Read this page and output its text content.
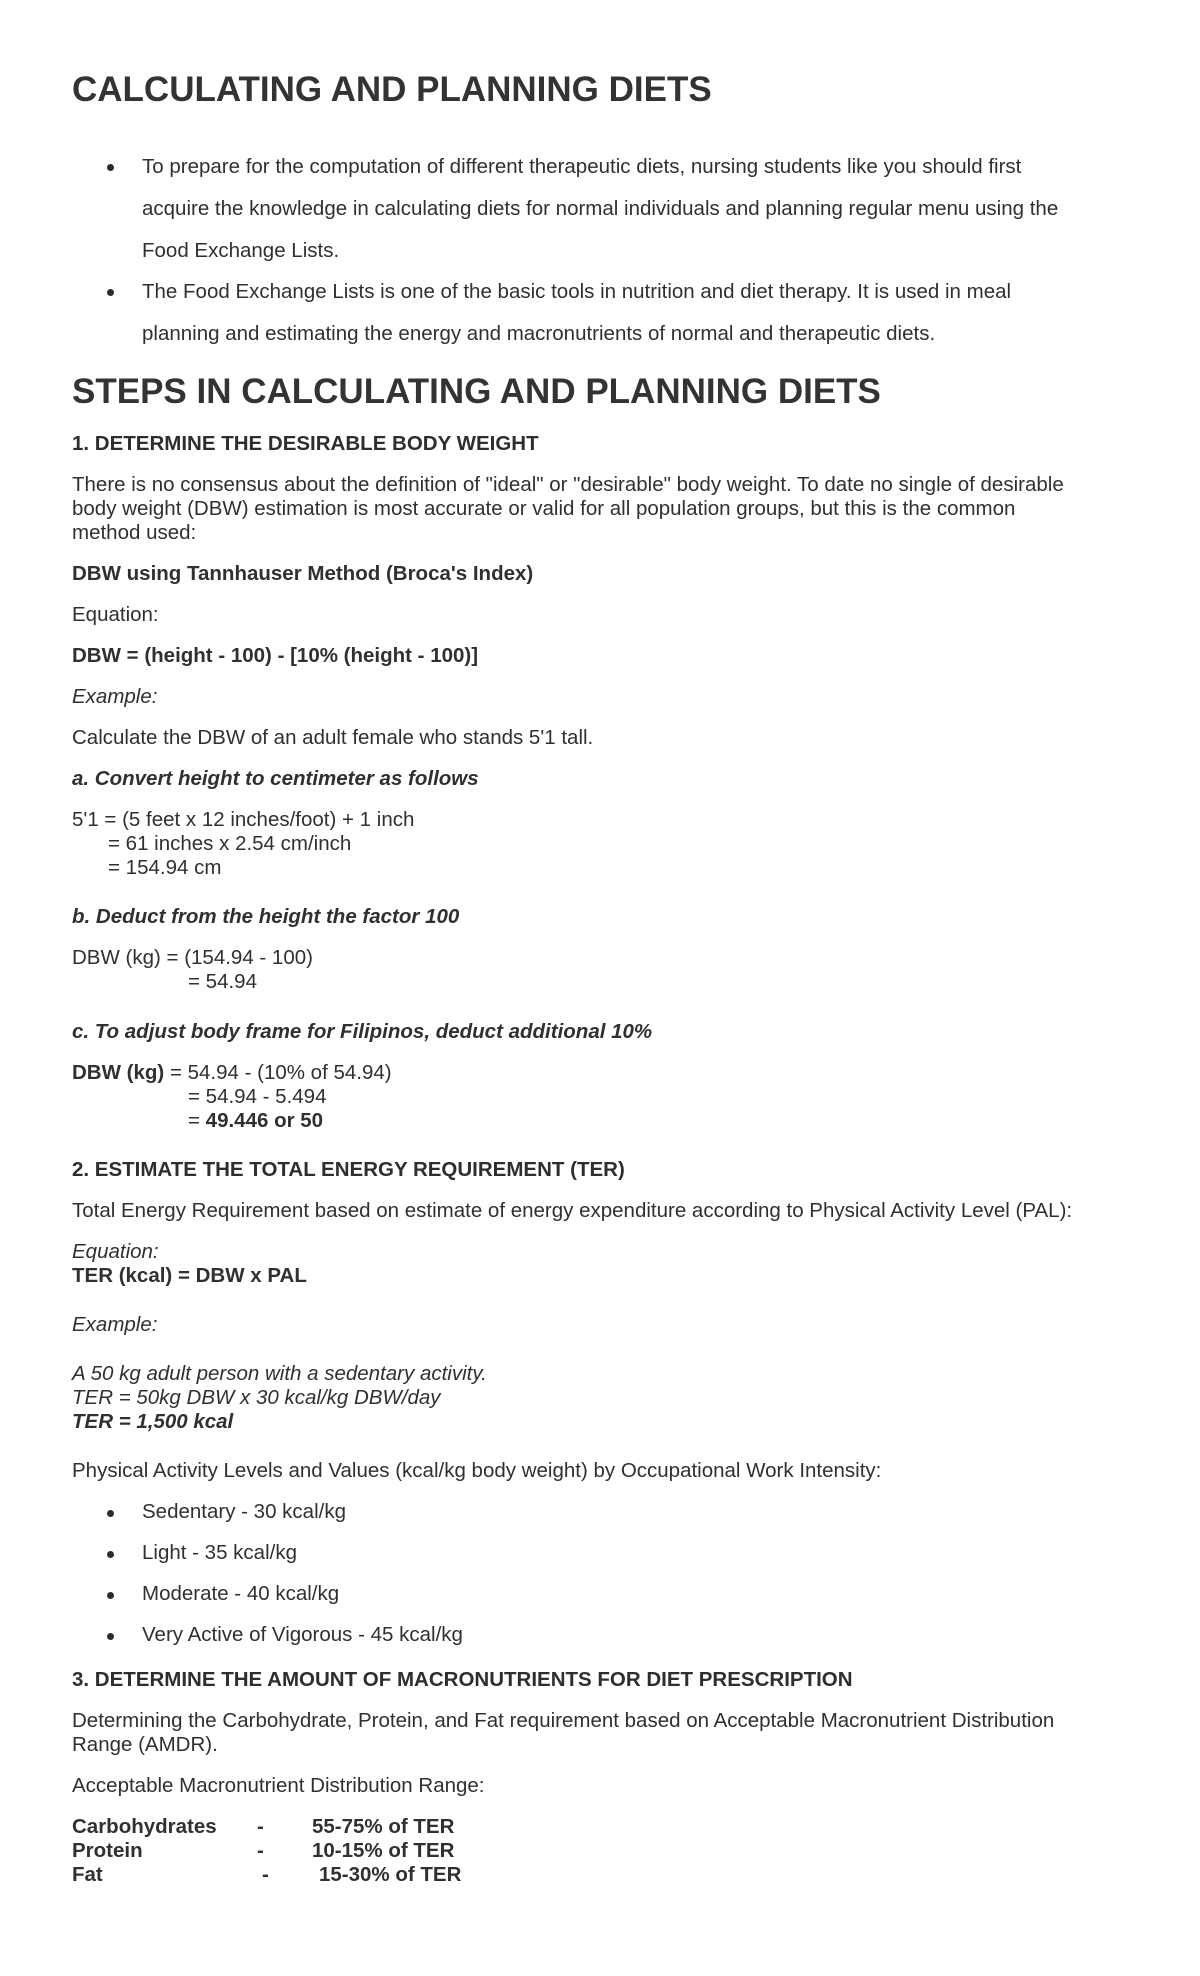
CALCULATING AND PLANNING DIETS
To prepare for the computation of different therapeutic diets, nursing students like you should first
acquire the knowledge in calculating diets for normal individuals and planning regular menu using the
Food Exchange Lists.
The Food Exchange Lists is one of the basic tools in nutrition and diet therapy. It is used in meal
planning and estimating the energy and macronutrients of normal and therapeutic diets.
STEPS IN CALCULATING AND PLANNING DIETS
1. DETERMINE THE DESIRABLE BODY WEIGHT
There is no consensus about the definition of "ideal" or "desirable" body weight. To date no single of desirable
body weight (DBW) estimation is most accurate or valid for all population groups, but this is the common
method used:
DBW using Tannhauser Method (Broca's Index)
Equation:
DBW = (height - 100) - [10% (height - 100)]
Example:
Calculate the DBW of an adult female who stands 5'1 tall.
a. Convert height to centimeter as follows
5'1 = (5 feet x 12 inches/foot) + 1 inch
= 61 inches x 2.54 cm/inch
= 154.94 cm
b. Deduct from the height the factor 100
DBW (kg) = (154.94 - 100)
= 54.94
c. To adjust body frame for Filipinos, deduct additional 10%
DBW (kg) = 54.94 - (10% of 54.94)
= 54.94 - 5.494
= 49.446 or 50
2. ESTIMATE THE TOTAL ENERGY REQUIREMENT (TER)
Total Energy Requirement based on estimate of energy expenditure according to Physical Activity Level (PAL):
Equation:
TER (kcal) = DBW x PAL
Example:
A 50 kg adult person with a sedentary activity.
TER = 50kg DBW x 30 kcal/kg DBW/day
TER = 1,500 kcal
Physical Activity Levels and Values (kcal/kg body weight) by Occupational Work Intensity:
Sedentary - 30 kcal/kg
Light - 35 kcal/kg
Moderate - 40 kcal/kg
Very Active of Vigorous - 45 kcal/kg
3. DETERMINE THE AMOUNT OF MACRONUTRIENTS FOR DIET PRESCRIPTION
Determining the Carbohydrate, Protein, and Fat requirement based on Acceptable Macronutrient Distribution
Range (AMDR).
Acceptable Macronutrient Distribution Range:
Carbohydrates - 55-75% of TER
Protein	- 10-15% of TER
Fat	- 15-30% of TER
